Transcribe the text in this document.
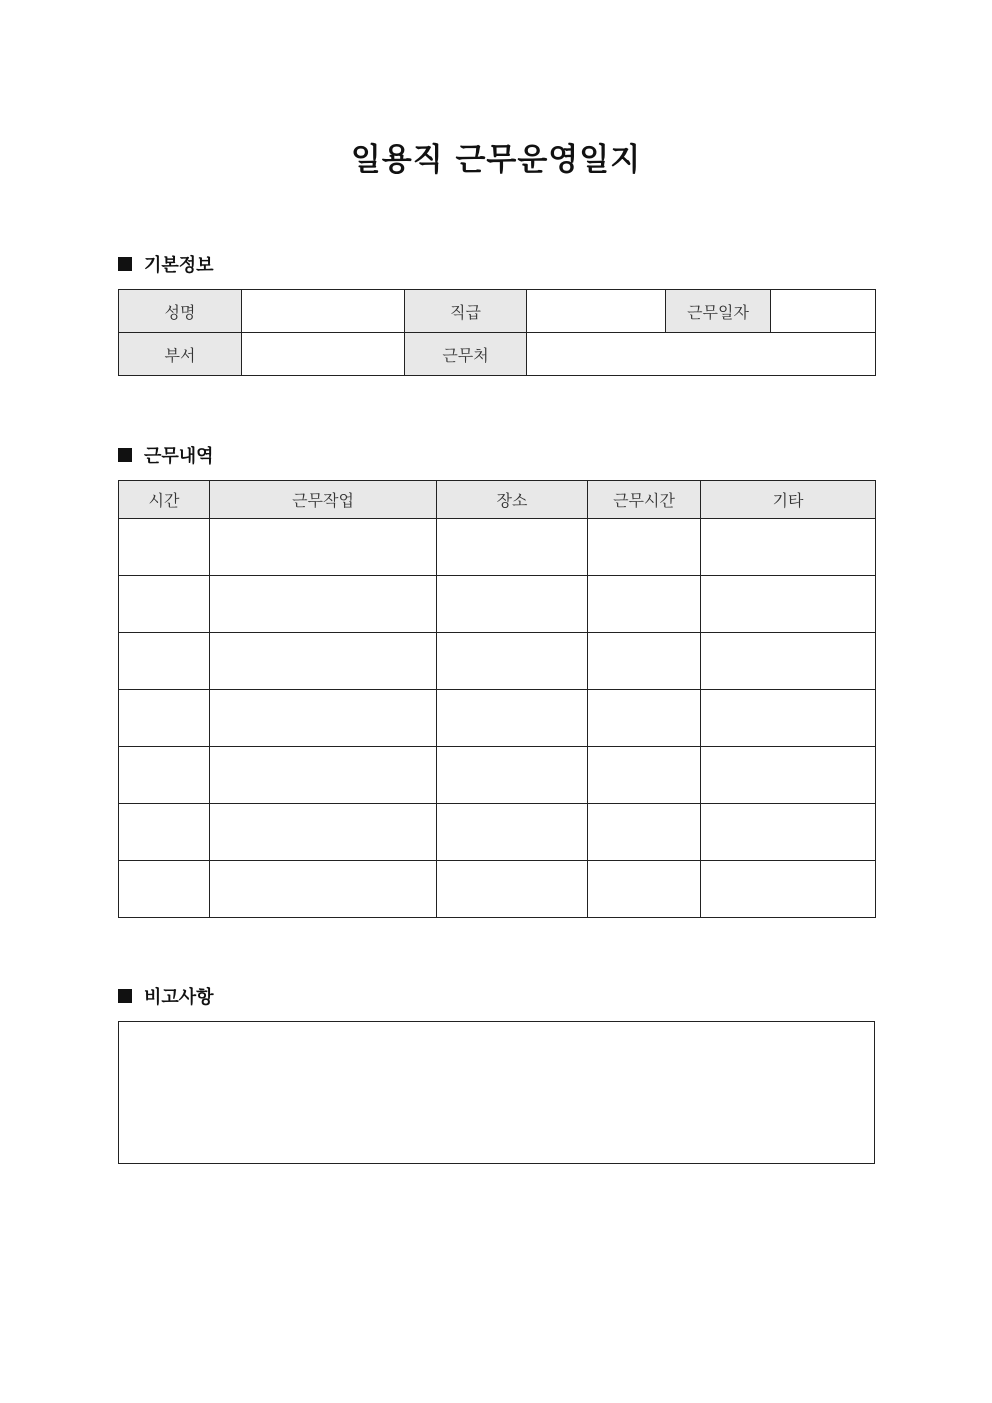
일용직 근무운영일지
기본정보
성명		직급		근무일자	
부서		근무처			
근무내역
시간	근무작업	장소	근무시간	기타

비고사항
